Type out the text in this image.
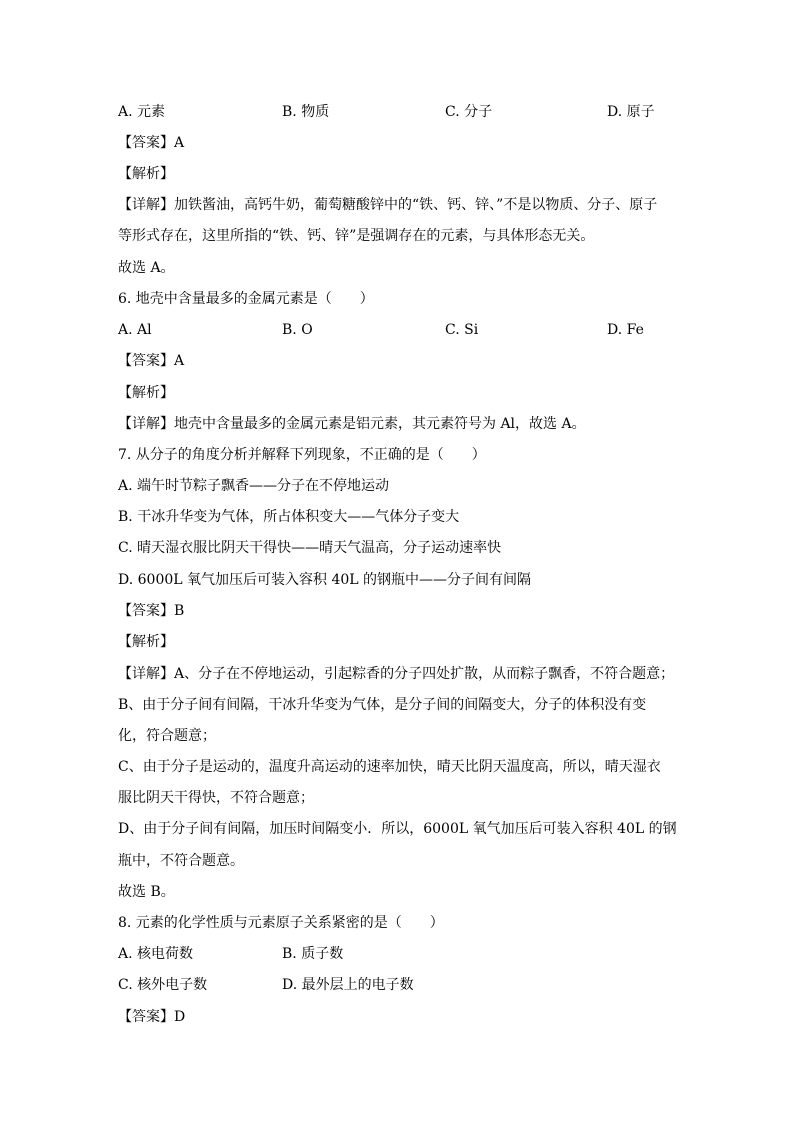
A. 元素	B. 物质	C. 分子	D. 原子
【答案】A
【解析】
【详解】加铁酱油，高钙牛奶，葡萄糖酸锌中的“铁、钙、锌、”不是以物质、分子、原子
等形式存在，这里所指的“铁、钙、锌”是强调存在的元素，与具体形态无关。
故选 A。
6. 地壳中含量最多的金属元素是（　　）
A. Al	B. O	C. Si	D. Fe
【答案】A
【解析】
【详解】地壳中含量最多的金属元素是铝元素，其元素符号为 Al，故选 A。
7. 从分子的角度分析并解释下列现象，不正确的是（　　）
A. 端午时节粽子飘香——分子在不停地运动
B. 干冰升华变为气体，所占体积变大——气体分子变大
C. 晴天湿衣服比阴天干得快——晴天气温高，分子运动速率快
D. 6000L 氧气加压后可装入容积 40L 的钢瓶中——分子间有间隔
【答案】B
【解析】
【详解】A、分子在不停地运动，引起粽香的分子四处扩散，从而粽子飘香，不符合题意；
B、由于分子间有间隔，干冰升华变为气体，是分子间的间隔变大，分子的体积没有变
化，符合题意；
C、由于分子是运动的，温度升高运动的速率加快，晴天比阴天温度高，所以，晴天湿衣
服比阴天干得快，不符合题意；
D、由于分子间有间隔，加压时间隔变小．所以，6000L 氧气加压后可装入容积 40L 的钢
瓶中，不符合题意。
故选 B。
8. 元素的化学性质与元素原子关系紧密的是（　　）
A. 核电荷数	B. 质子数
C. 核外电子数	D. 最外层上的电子数
【答案】D
